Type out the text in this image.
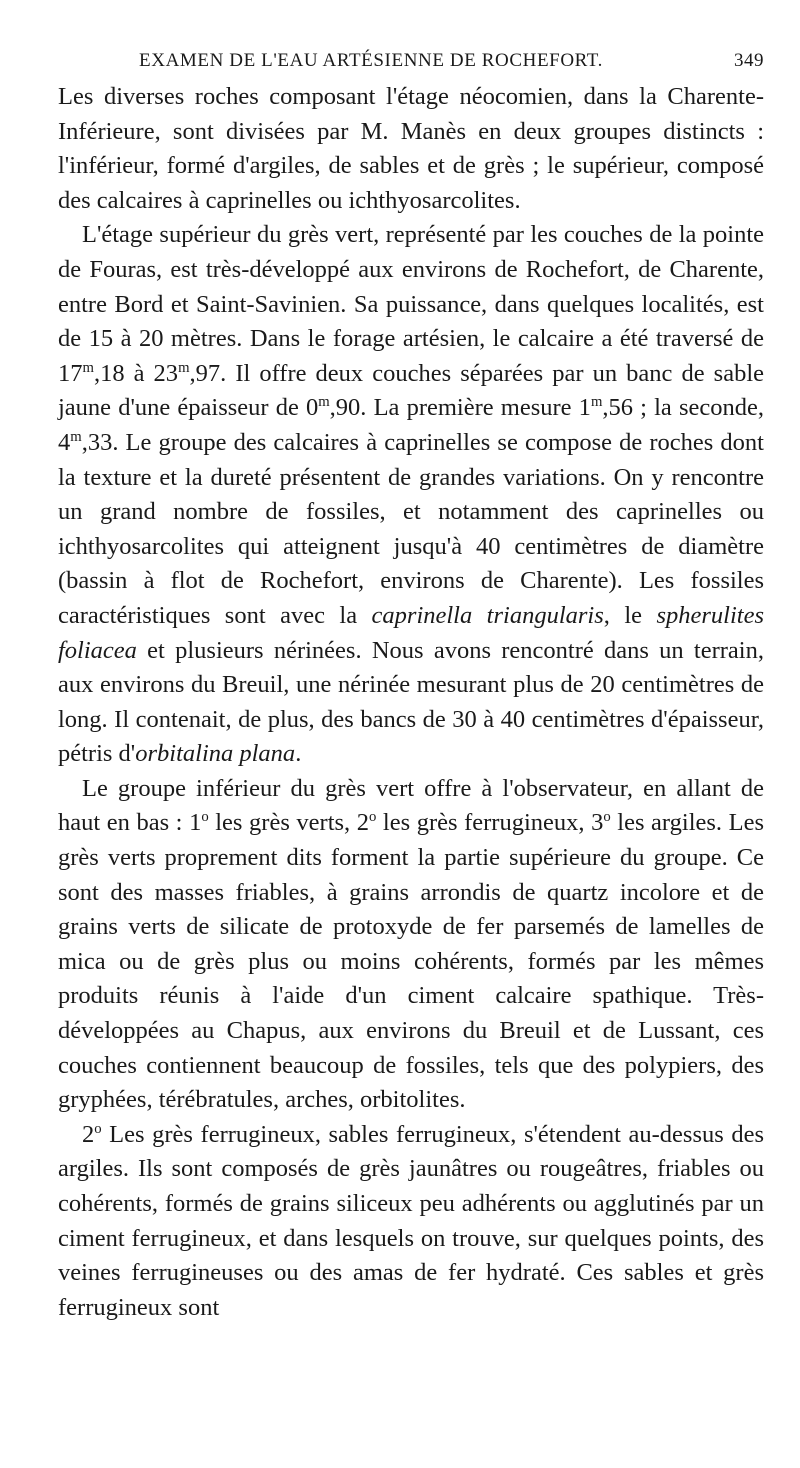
EXAMEN DE L'EAU ARTÉSIENNE DE ROCHEFORT.	349

Les diverses roches composant l'étage néocomien, dans la Charente-Inférieure, sont divisées par M. Manès en deux groupes distincts : l'inférieur, formé d'argiles, de sables et de grès ; le supérieur, composé des calcaires à caprinelles ou ichthyosarcolites.

L'étage supérieur du grès vert, représenté par les couches de la pointe de Fouras, est très-développé aux environs de Rochefort, de Charente, entre Bord et Saint-Savinien. Sa puissance, dans quelques localités, est de 15 à 20 mètres. Dans le forage artésien, le calcaire a été traversé de 17$^m$,18 à 23$^m$,97. Il offre deux couches séparées par un banc de sable jaune d'une épaisseur de 0$^m$,90. La première mesure 1$^m$,56 ; la seconde, 4$^m$,33. Le groupe des calcaires à caprinelles se compose de roches dont la texture et la dureté présentent de grandes variations. On y rencontre un grand nombre de fossiles, et notamment des caprinelles ou ichthyosarcolites qui atteignent jusqu'à 40 centimètres de diamètre (bassin à flot de Rochefort, environs de Charente). Les fossiles caractéristiques sont avec la caprinella triangularis, le spherulites foliacea et plusieurs nérinées. Nous avons rencontré dans un terrain, aux environs du Breuil, une nérinée mesurant plus de 20 centimètres de long. Il contenait, de plus, des bancs de 30 à 40 centimètres d'épaisseur, pétris d'orbitalina plana.

Le groupe inférieur du grès vert offre à l'observateur, en allant de haut en bas : 1$^o$ les grès verts, 2$^o$ les grès ferrugineux, 3$^o$ les argiles. Les grès verts proprement dits forment la partie supérieure du groupe. Ce sont des masses friables, à grains arrondis de quartz incolore et de grains verts de silicate de protoxyde de fer parsemés de lamelles de mica ou de grès plus ou moins cohérents, formés par les mêmes produits réunis à l'aide d'un ciment calcaire spathique. Très-développées au Chapus, aux environs du Breuil et de Lussant, ces couches contiennent beaucoup de fossiles, tels que des polypiers, des gryphées, térébratules, arches, orbitolites.

2$^o$ Les grès ferrugineux, sables ferrugineux, s'étendent au-dessus des argiles. Ils sont composés de grès jaunâtres ou rougeâtres, friables ou cohérents, formés de grains siliceux peu adhérents ou agglutinés par un ciment ferrugineux, et dans lesquels on trouve, sur quelques points, des veines ferrugineuses ou des amas de fer hydraté. Ces sables et grès ferrugineux sont
